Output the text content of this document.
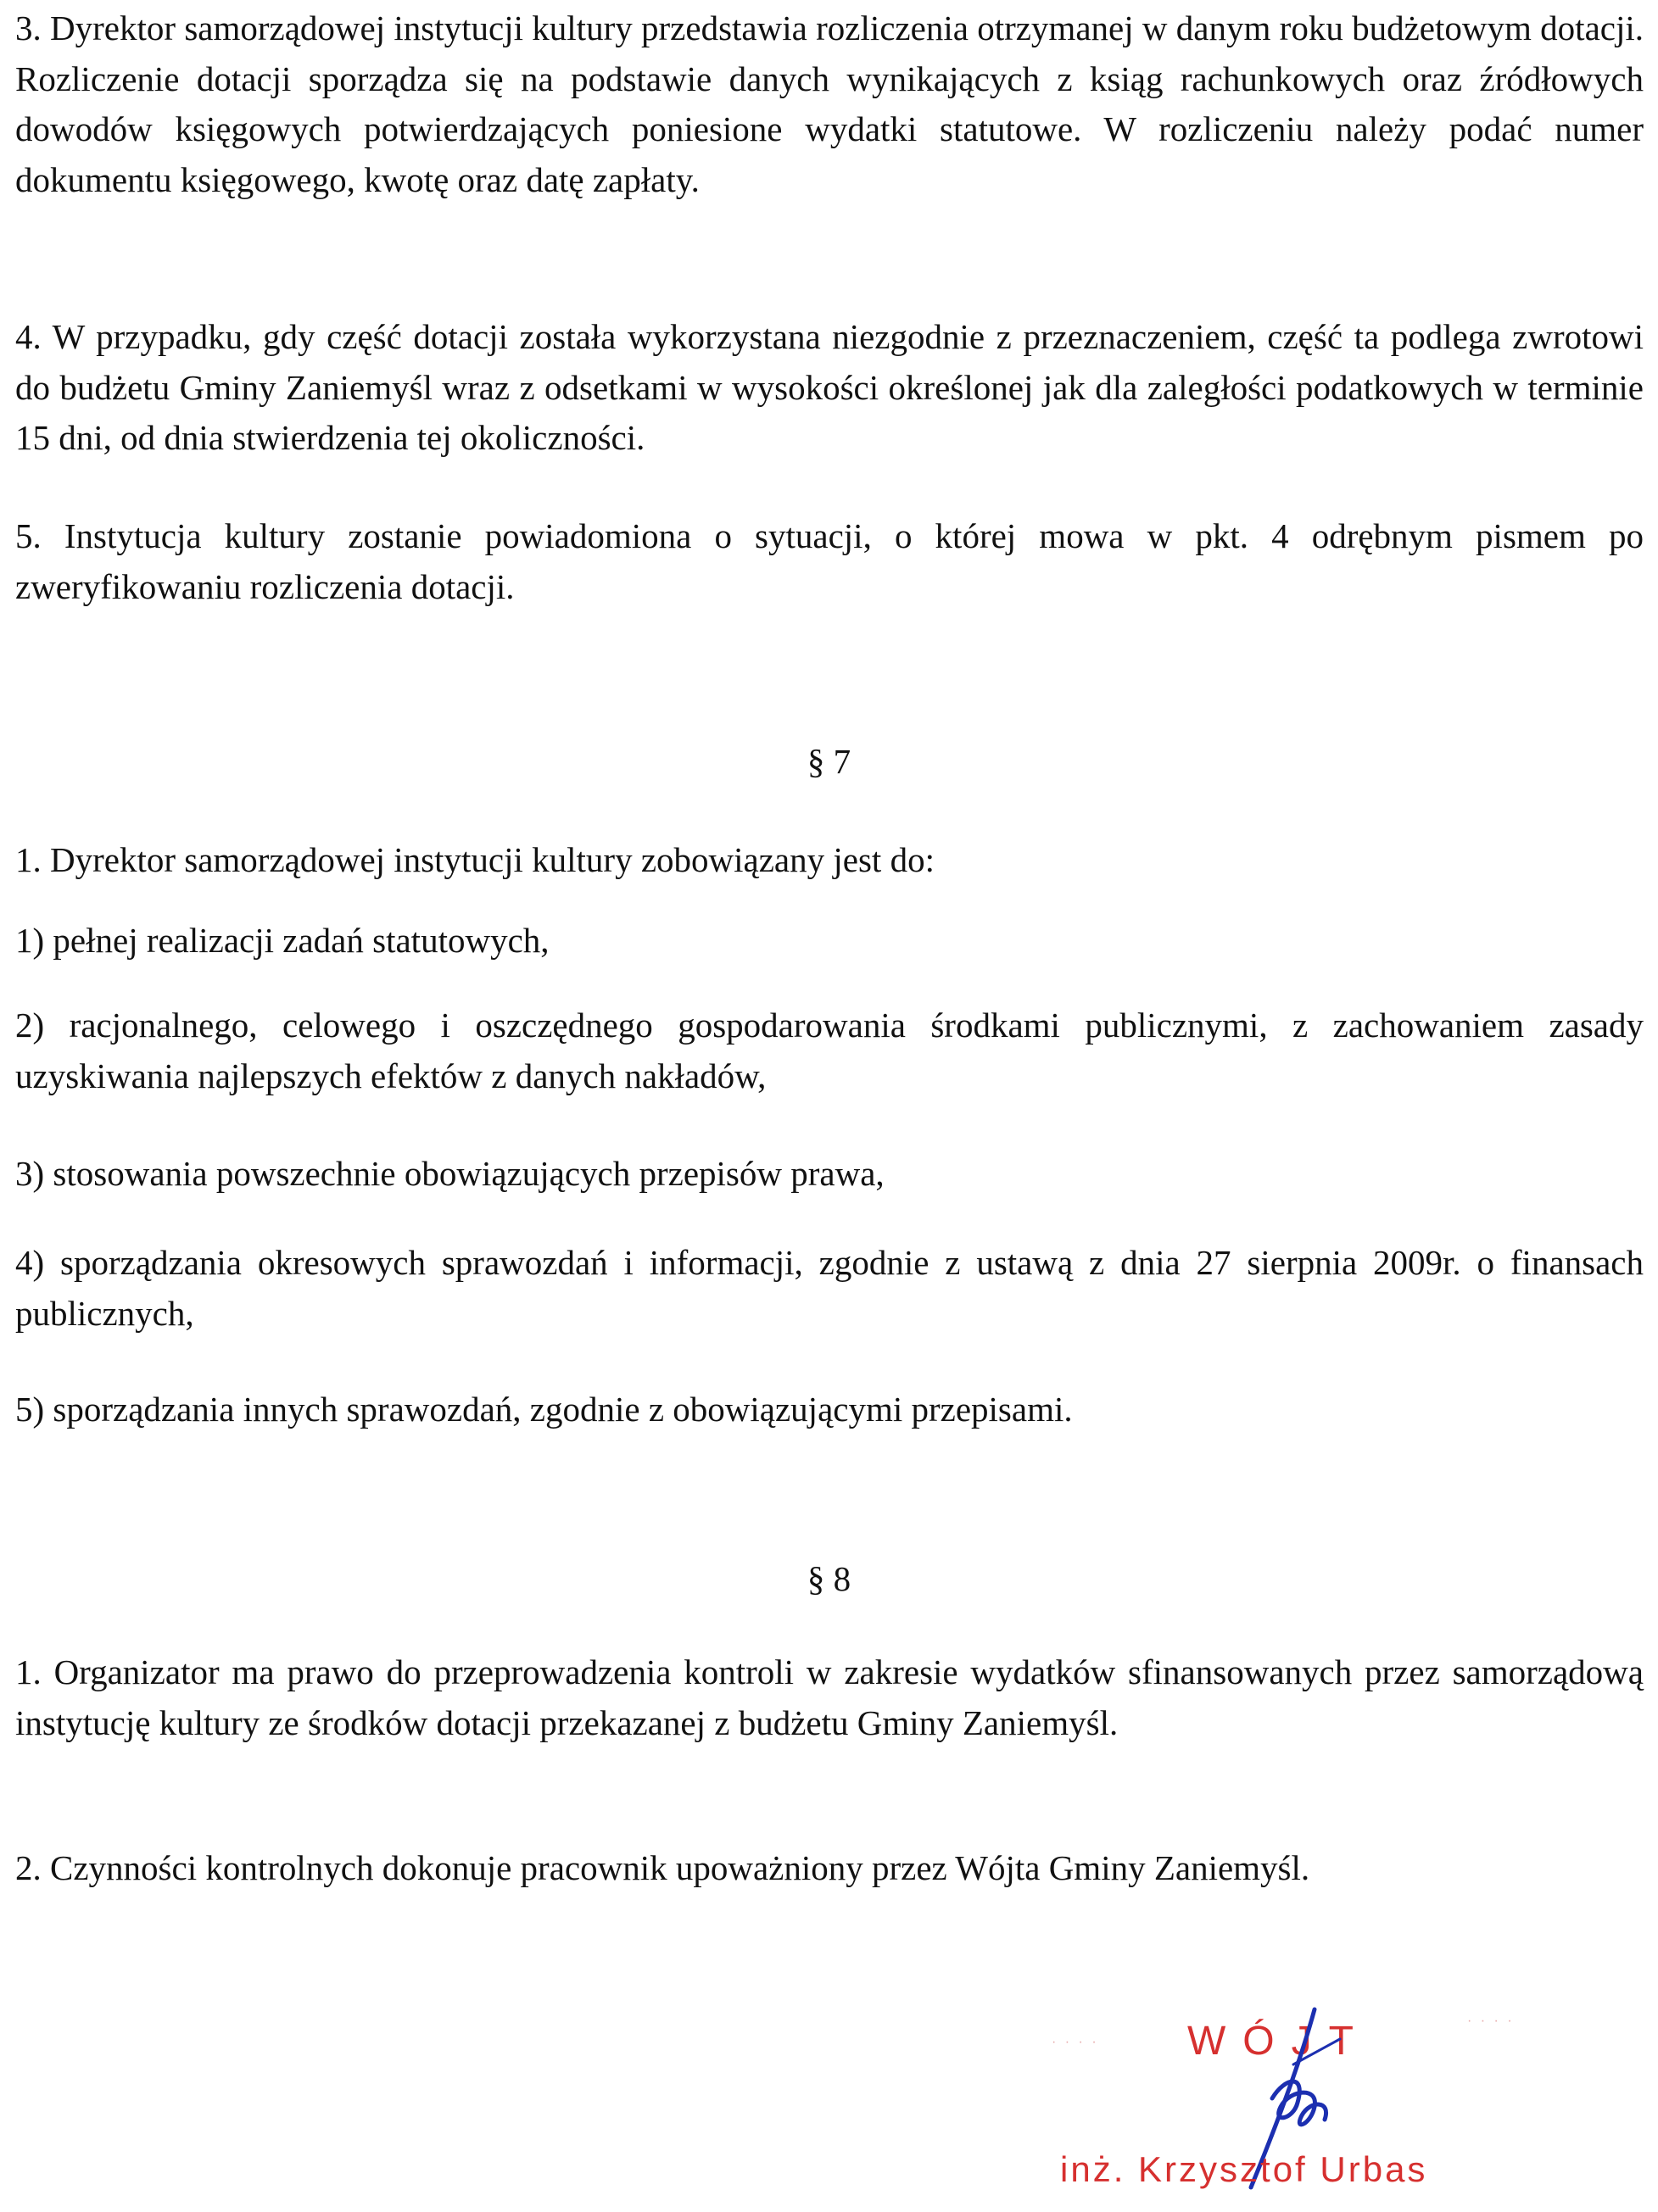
3. Dyrektor samorządowej instytucji kultury przedstawia rozliczenia otrzymanej w danym roku budżetowym dotacji. Rozliczenie dotacji sporządza się na podstawie danych wynikających z ksiąg rachunkowych oraz źródłowych dowodów księgowych potwierdzających poniesione wydatki statutowe. W rozliczeniu należy podać numer dokumentu księgowego, kwotę oraz datę zapłaty.

4. W przypadku, gdy część dotacji została wykorzystana niezgodnie z przeznaczeniem, część ta podlega zwrotowi do budżetu Gminy Zaniemyśl wraz z odsetkami w wysokości określonej jak dla zaległości podatkowych w terminie 15 dni, od dnia stwierdzenia tej okoliczności.

5. Instytucja kultury zostanie powiadomiona o sytuacji, o której mowa w pkt. 4 odrębnym pismem po zweryfikowaniu rozliczenia dotacji.

§ 7

1. Dyrektor samorządowej instytucji kultury zobowiązany jest do:

1) pełnej realizacji zadań statutowych,

2) racjonalnego, celowego i oszczędnego gospodarowania środkami publicznymi, z zachowaniem zasady uzyskiwania najlepszych efektów z danych nakładów,

3) stosowania powszechnie obowiązujących przepisów prawa,

4) sporządzania okresowych sprawozdań i informacji, zgodnie z ustawą z dnia 27 sierpnia 2009r. o finansach publicznych,

5) sporządzania innych sprawozdań, zgodnie z obowiązującymi przepisami.

§ 8

1. Organizator ma prawo do przeprowadzenia kontroli w zakresie wydatków sfinansowanych przez samorządową instytucję kultury ze środków dotacji przekazanej z budżetu Gminy Zaniemyśl.

2. Czynności kontrolnych dokonuje pracownik upoważniony przez Wójta Gminy Zaniemyśl.

· · · ·
· · · ·
WÓJT
inż. Krzysztof Urbas
